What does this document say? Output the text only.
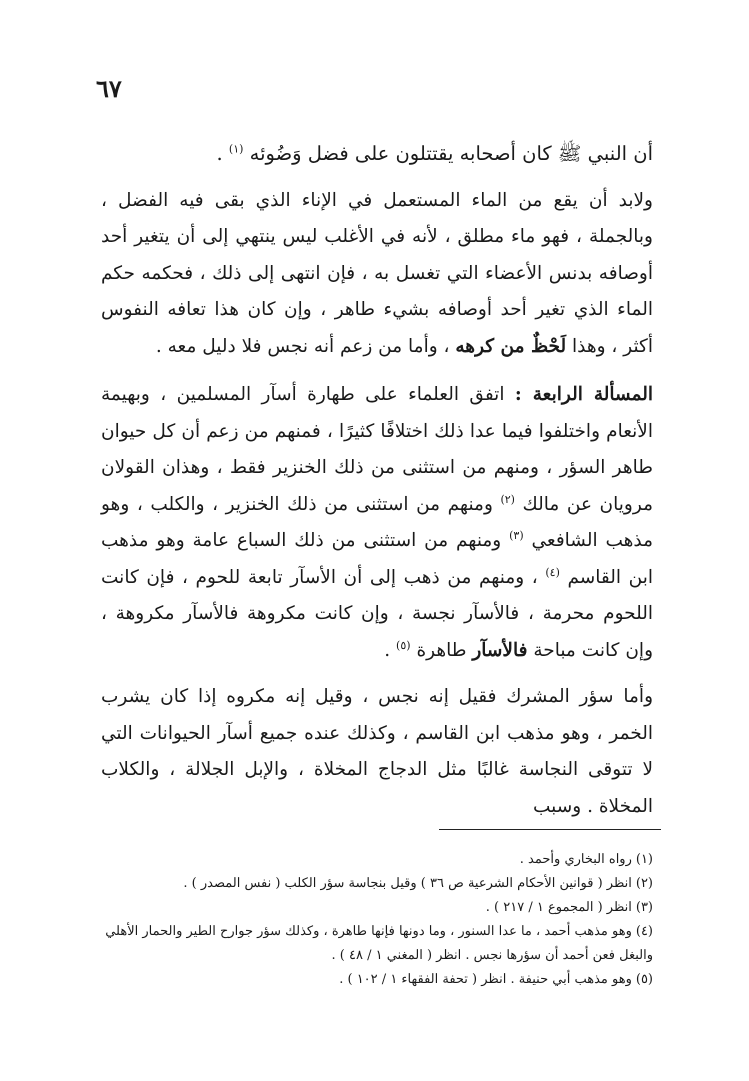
٦٧

أن النبي ﷺ كان أصحابه يقتتلون على فضل وَضُوئه $^{(١)}$ .

ولابد أن يقع من الماء المستعمل في الإناء الذي بقى فيه الفضل ، وبالجملة ، فهو ماء مطلق ، لأنه في الأغلب ليس ينتهي إلى أن يتغير أحد أوصافه بدنس الأعضاء التي تغسل به ، فإن انتهى إلى ذلك ، فحكمه حكم الماء الذي تغير أحد أوصافه بشيء طاهر ، وإن كان هذا تعافه النفوس أكثر ، وهذا لَحْظٌ من كرهه ، وأما من زعم أنه نجس فلا دليل معه .

المسألة الرابعة : اتفق العلماء على طهارة أسآر المسلمين ، وبهيمة الأنعام واختلفوا فيما عدا ذلك اختلافًا كثيرًا ، فمنهم من زعم أن كل حيوان طاهر السؤر ، ومنهم من استثنى من ذلك الخنزير فقط ، وهذان القولان مرويان عن مالك $^{(٢)}$ ومنهم من استثنى من ذلك الخنزير ، والكلب ، وهو مذهب الشافعي $^{(٣)}$ ومنهم من استثنى من ذلك السباع عامة وهو مذهب ابن القاسم $^{(٤)}$ ، ومنهم من ذهب إلى أن الأسآر تابعة للحوم ، فإن كانت اللحوم محرمة ، فالأسآر نجسة ، وإن كانت مكروهة فالأسآر مكروهة ، وإن كانت مباحة فالأسآر طاهرة $^{(٥)}$ .

وأما سؤر المشرك فقيل إنه نجس ، وقيل إنه مكروه إذا كان يشرب الخمر ، وهو مذهب ابن القاسم ، وكذلك عنده جميع أسآر الحيوانات التي لا تتوقى النجاسة غالبًا مثل الدجاج المخلاة ، والإبل الجلالة ، والكلاب المخلاة . وسبب

(١)رواه البخاري وأحمد .

(٢)انظر ( قوانين الأحكام الشرعية ص ٣٦ ) وقيل بنجاسة سؤر الكلب ( نفس المصدر ) .

(٣)انظر ( المجموع ١ / ٢١٧ ) .

(٤)وهو مذهب أحمد ، ما عدا السنور ، وما دونها فإنها طاهرة ، وكذلك سؤر جوارح الطير والحمار الأهلي والبغل فعن أحمد أن سؤرها نجس . انظر ( المغني ١ / ٤٨ ) .

(٥)وهو مذهب أبي حنيفة . انظر ( تحفة الفقهاء ١ / ١٠٢ ) .
